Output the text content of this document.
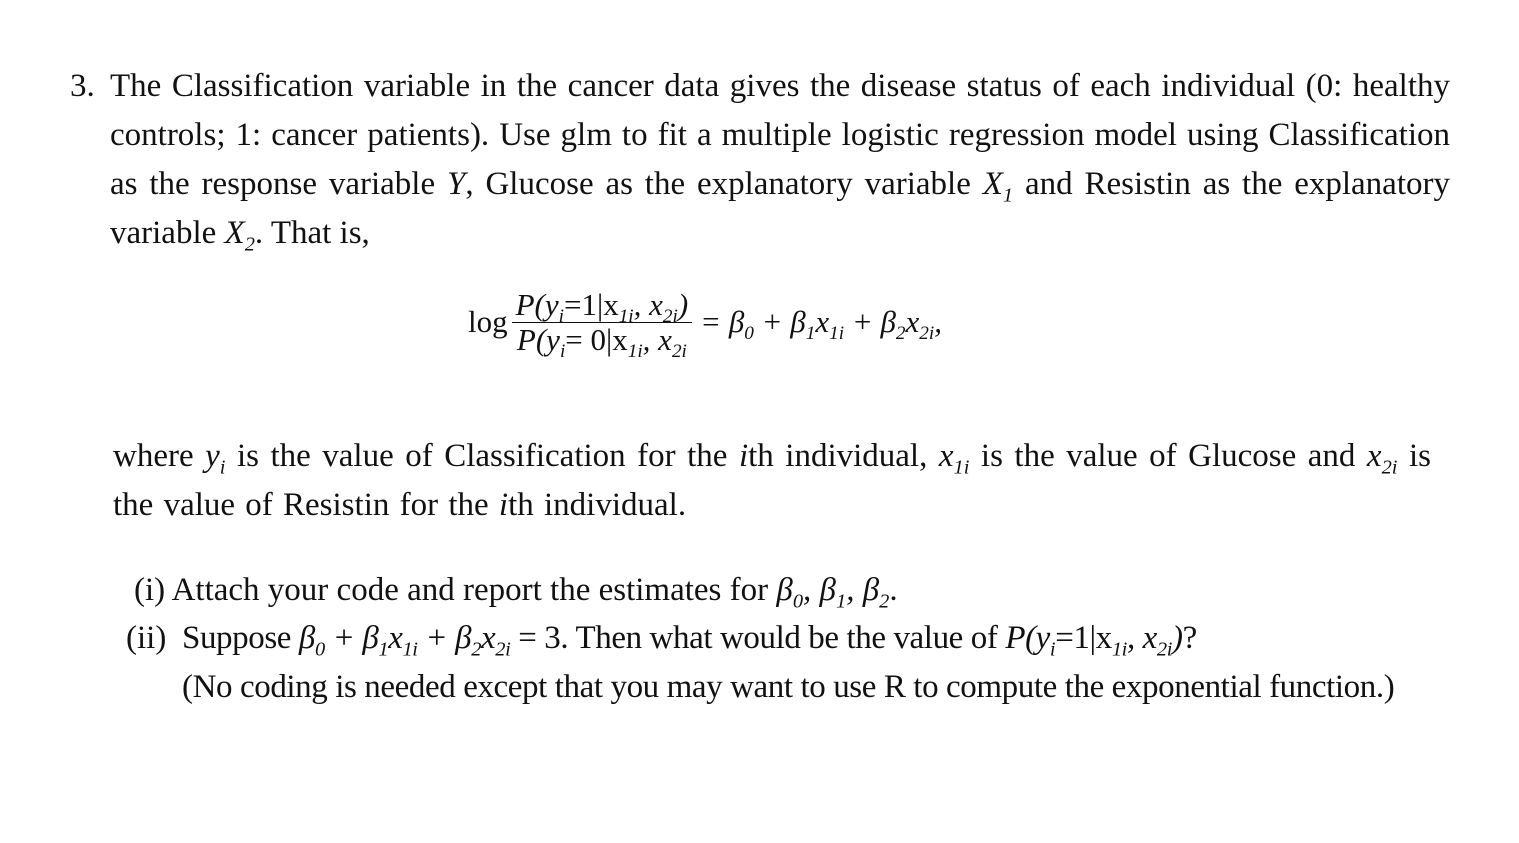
3. The Classification variable in the cancer data gives the disease status of each individual (0: healthy controls; 1: cancer patients). Use glm to fit a multiple logistic regression model using Classification as the response variable Y, Glucose as the explanatory variable $X_1$ and Resistin as the explanatory variable $X_2$. That is,
$\log \frac{P(y_i=1|x_{1i}, x_{2i})}{P(y_i= 0|x_{1i}, x_{2i}} = \beta_0 + \beta_1x_{1i} + \beta_2x_{2i}$,
where $y_i$ is the value of Classification for the ith individual, $x_{1i}$ is the value of Glucose and $x_{2i}$ is the value of Resistin for the ith individual.
(i) Attach your code and report the estimates for $\beta_0$, $\beta_1$, $\beta_2$.
(ii) Suppose $\beta_0 + \beta_1x_{1i} + \beta_2x_{2i} = 3$. Then what would be the value of $P(y_i=1|x_{1i}$, $x_{2i}$)?
(No coding is needed except that you may want to use R to compute the exponential function.)
